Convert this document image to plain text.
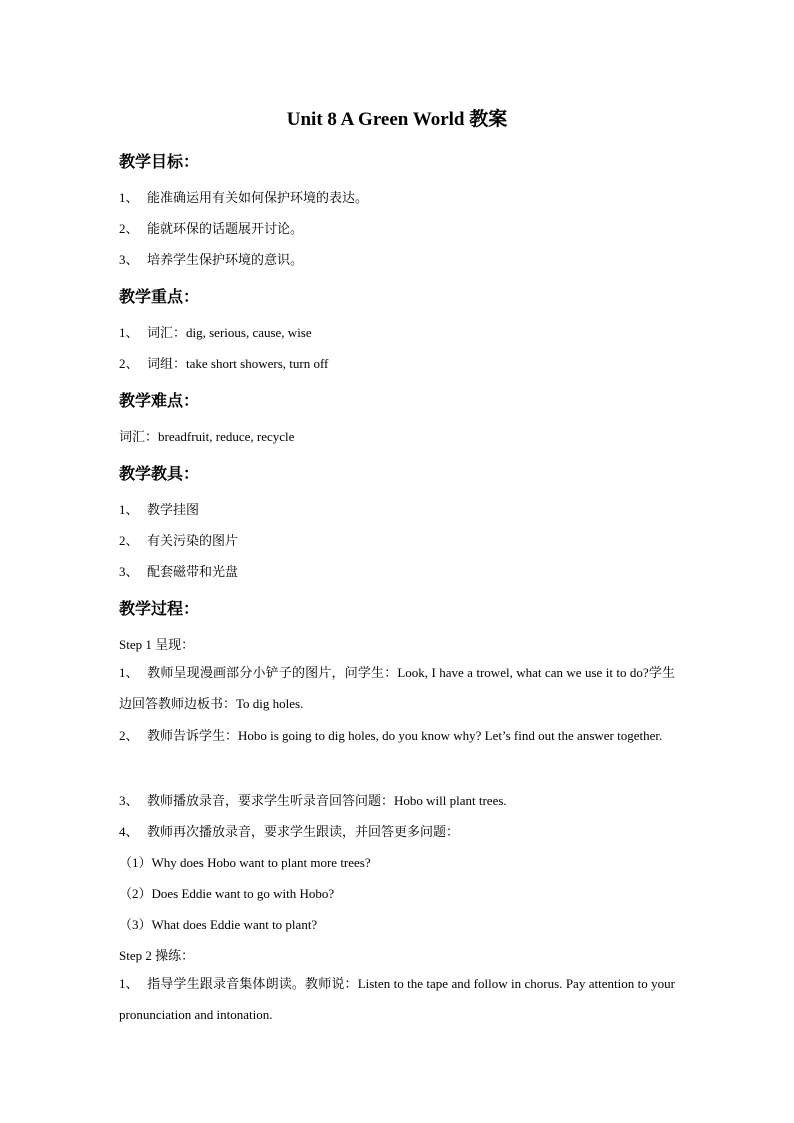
Unit 8 A Green World 教案
教学目标：
1、 能准确运用有关如何保护环境的表达。
2、 能就环保的话题展开讨论。
3、 培养学生保护环境的意识。
教学重点：
1、 词汇：dig, serious, cause, wise
2、 词组：take short showers, turn off
教学难点：
词汇：breadfruit, reduce, recycle
教学教具：
1、 教学挂图
2、 有关污染的图片
3、 配套磁带和光盘
教学过程：
Step 1 呈现：
1、 教师呈现漫画部分小铲子的图片，问学生：Look, I have a trowel, what can we use it to do?学生边回答教师边板书：To dig holes.
2、 教师告诉学生：Hobo is going to dig holes, do you know why? Let’s find out the answer together.
3、 教师播放录音，要求学生听录音回答问题：Hobo will plant trees.
4、 教师再次播放录音，要求学生跟读，并回答更多问题：
（1）Why does Hobo want to plant more trees?
（2）Does Eddie want to go with Hobo?
（3）What does Eddie want to plant?
Step 2 操练：
1、 指导学生跟录音集体朗读。教师说：Listen to the tape and follow in chorus. Pay attention to your pronunciation and intonation.
